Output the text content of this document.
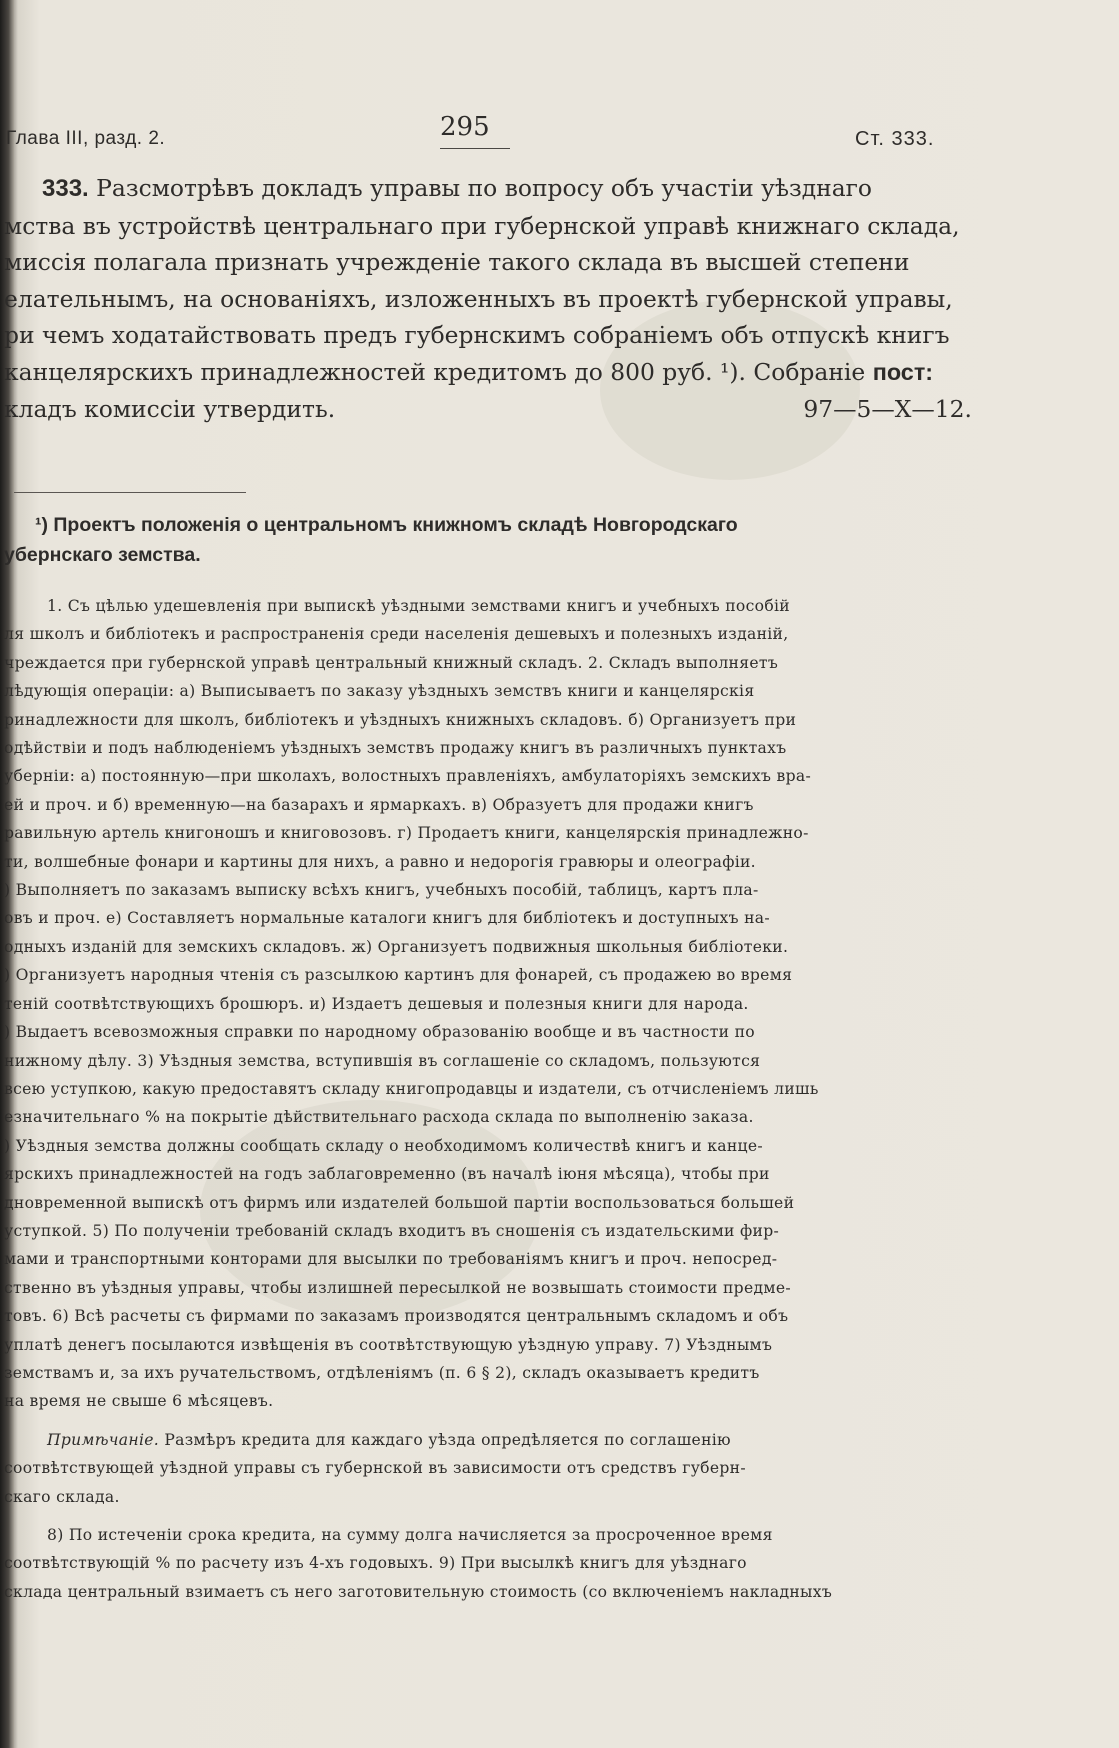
Глава III, разд. 2.	295	Ст. 333.

333. Разсмотрѣвъ докладъ управы по вопросу объ участіи уѣзднаго

мства въ устройствѣ центральнаго при губернской управѣ книжнаго склада,

миссія полагала признать учрежденіе такого склада въ высшей степени

елательнымъ, на основаніяхъ, изложенныхъ въ проектѣ губернской управы,

ри чемъ ходатайствовать предъ губернскимъ собраніемъ объ отпускѣ книгъ

канцелярскихъ принадлежностей кредитомъ до 800 руб. ¹). Собраніе пост:

кладъ комиссіи утвердить.	97—5—X—12.
¹) Проектъ положенія о центральномъ книжномъ складѣ Новгородскаго
убернскаго земства.
1. Съ цѣлью удешевленія при выпискѣ уѣздными земствами книгъ и учебныхъ пособій
ля школъ и библіотекъ и распространенія среди населенія дешевыхъ и полезныхъ изданій,
чреждается при губернской управѣ центральный книжный складъ. 2. Складъ выполняетъ
лѣдующія операціи: а) Выписываетъ по заказу уѣздныхъ земствъ книги и канцелярскія
ринадлежности для школъ, библіотекъ и уѣздныхъ книжныхъ складовъ. б) Организуетъ при
одѣйствіи и подъ наблюденіемъ уѣздныхъ земствъ продажу книгъ въ различныхъ пунктахъ
уберніи: а) постоянную—при школахъ, волостныхъ правленіяхъ, амбулаторіяхъ земскихъ вра-
ей и проч. и б) временную—на базарахъ и ярмаркахъ. в) Образуетъ для продажи книгъ
равильную артель книгоношъ и книговозовъ. г) Продаетъ книги, канцелярскія принадлежно-
ти, волшебные фонари и картины для нихъ, а равно и недорогія гравюры и олеографіи.
) Выполняетъ по заказамъ выписку всѣхъ книгъ, учебныхъ пособій, таблицъ, картъ пла-
овъ и проч. е) Составляетъ нормальные каталоги книгъ для библіотекъ и доступныхъ на-
одныхъ изданій для земскихъ складовъ. ж) Организуетъ подвижныя школьныя библіотеки.
) Организуетъ народныя чтенія съ разсылкою картинъ для фонарей, съ продажею во время
теній соотвѣтствующихъ брошюръ. и) Издаетъ дешевыя и полезныя книги для народа.
) Выдаетъ всевозможныя справки по народному образованію вообще и въ частности по
нижному дѣлу. 3) Уѣздныя земства, вступившія въ соглашеніе со складомъ, пользуются
всею уступкою, какую предоставятъ складу книгопродавцы и издатели, съ отчисленіемъ лишь
езначительнаго % на покрытіе дѣйствительнаго расхода склада по выполненію заказа.
) Уѣздныя земства должны сообщать складу о необходимомъ количествѣ книгъ и канце-
ярскихъ принадлежностей на годъ заблаговременно (въ началѣ іюня мѣсяца), чтобы при
дновременной выпискѣ отъ фирмъ или издателей большой партіи воспользоваться большей
уступкой. 5) По полученіи требованій складъ входитъ въ сношенія съ издательскими фир-
мами и транспортными конторами для высылки по требованіямъ книгъ и проч. непосред-
ственно въ уѣздныя управы, чтобы излишней пересылкой не возвышать стоимости предме-
товъ. 6) Всѣ расчеты съ фирмами по заказамъ производятся центральнымъ складомъ и объ
уплатѣ денегъ посылаются извѣщенія въ соотвѣтствующую уѣздную управу. 7) Уѣзднымъ
земствамъ и, за ихъ ручательствомъ, отдѣленіямъ (п. 6 § 2), складъ оказываетъ кредитъ
на время не свыше 6 мѣсяцевъ.
Примѣчаніе. Размѣръ кредита для каждаго уѣзда опредѣляется по соглашенію
соотвѣтствующей уѣздной управы съ губернской въ зависимости отъ средствъ губерн-
скаго склада.
8) По истеченіи срока кредита, на сумму долга начисляется за просроченное время
соотвѣтствующій % по расчету изъ 4-хъ годовыхъ. 9) При высылкѣ книгъ для уѣзднаго
склада центральный взимаетъ съ него заготовительную стоимость (со включеніемъ накладныхъ
